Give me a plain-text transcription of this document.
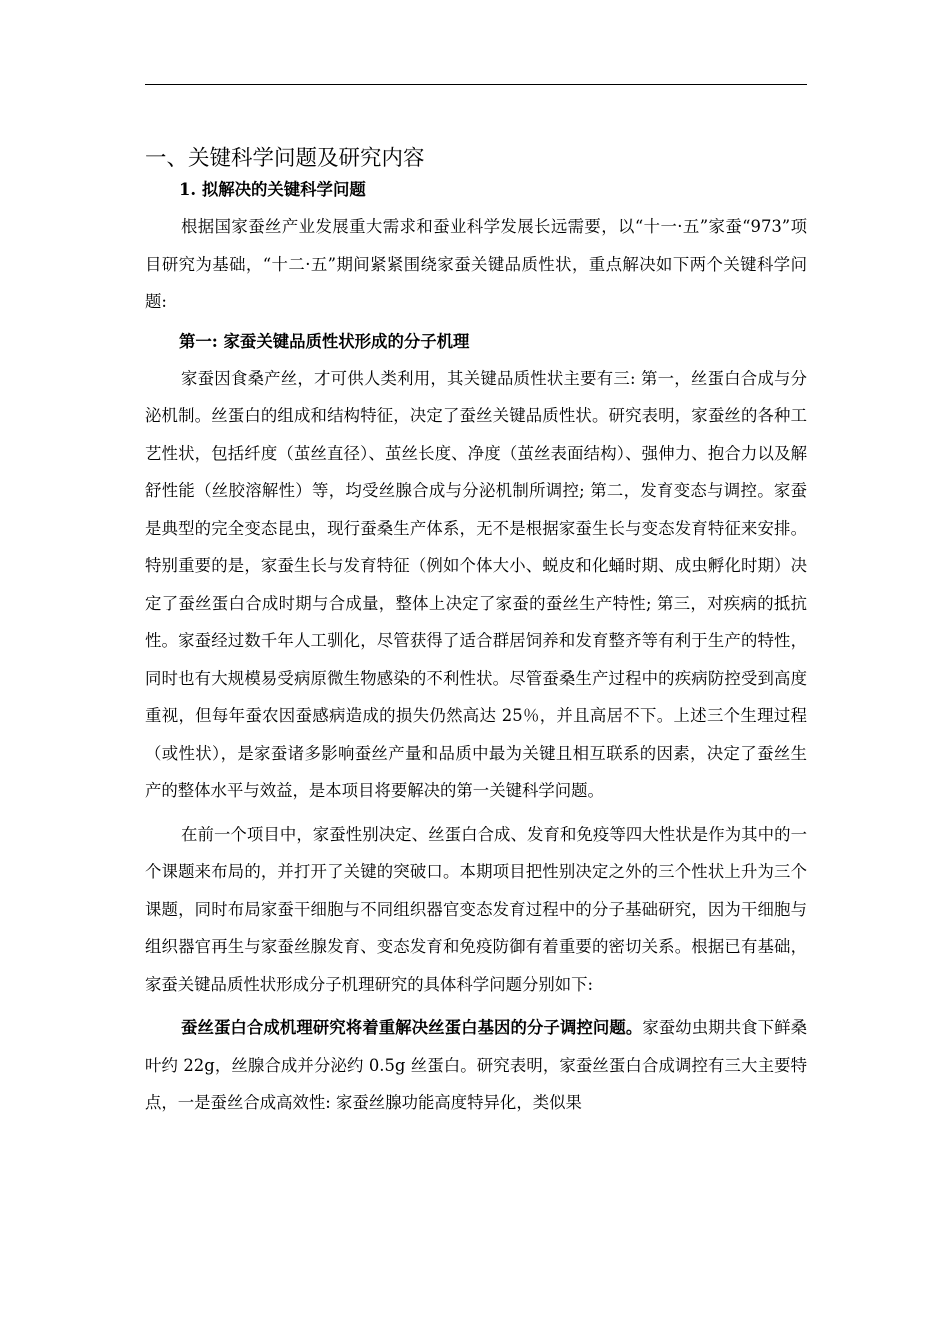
一、关键科学问题及研究内容
1. 拟解决的关键科学问题

根据国家蚕丝产业发展重大需求和蚕业科学发展长远需要，以“十一·五”家蚕“973”项目研究为基础，“十二·五”期间紧紧围绕家蚕关键品质性状，重点解决如下两个关键科学问题:

第一: 家蚕关键品质性状形成的分子机理

家蚕因食桑产丝，才可供人类利用，其关键品质性状主要有三: 第一，丝蛋白合成与分泌机制。丝蛋白的组成和结构特征，决定了蚕丝关键品质性状。研究表明，家蚕丝的各种工艺性状，包括纤度（茧丝直径）、茧丝长度、净度（茧丝表面结构）、强伸力、抱合力以及解舒性能（丝胶溶解性）等，均受丝腺合成与分泌机制所调控; 第二，发育变态与调控。家蚕是典型的完全变态昆虫，现行蚕桑生产体系，无不是根据家蚕生长与变态发育特征来安排。特别重要的是，家蚕生长与发育特征（例如个体大小、蜕皮和化蛹时期、成虫孵化时期）决定了蚕丝蛋白合成时期与合成量，整体上决定了家蚕的蚕丝生产特性; 第三，对疾病的抵抗性。家蚕经过数千年人工驯化，尽管获得了适合群居饲养和发育整齐等有利于生产的特性，同时也有大规模易受病原微生物感染的不利性状。尽管蚕桑生产过程中的疾病防控受到高度重视，但每年蚕农因蚕感病造成的损失仍然高达 25％，并且高居不下。上述三个生理过程（或性状），是家蚕诸多影响蚕丝产量和品质中最为关键且相互联系的因素，决定了蚕丝生产的整体水平与效益，是本项目将要解决的第一关键科学问题。

在前一个项目中，家蚕性别决定、丝蛋白合成、发育和免疫等四大性状是作为其中的一个课题来布局的，并打开了关键的突破口。本期项目把性别决定之外的三个性状上升为三个课题，同时布局家蚕干细胞与不同组织器官变态发育过程中的分子基础研究，因为干细胞与组织器官再生与家蚕丝腺发育、变态发育和免疫防御有着重要的密切关系。根据已有基础，家蚕关键品质性状形成分子机理研究的具体科学问题分别如下:

蚕丝蛋白合成机理研究将着重解决丝蛋白基因的分子调控问题。家蚕幼虫期共食下鲜桑叶约 22g，丝腺合成并分泌约 0.5g 丝蛋白。研究表明，家蚕丝蛋白合成调控有三大主要特点，一是蚕丝合成高效性: 家蚕丝腺功能高度特异化，类似果
